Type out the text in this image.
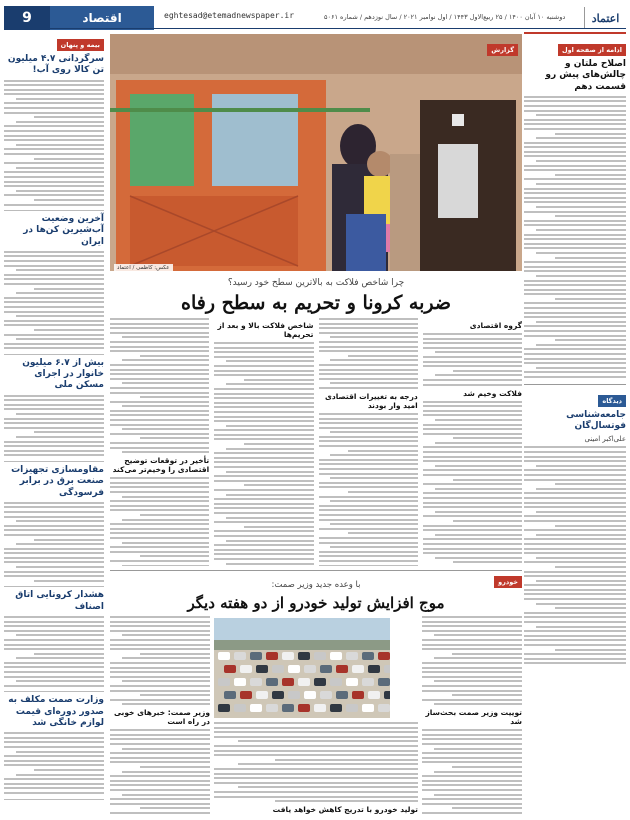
9	اقتصاد	eghtesad@etemadnewspaper.ir	دوشنبه ۱۰ آبان ۱۴۰۰ / ۲۵ ربیع‌الاول ۱۴۴۳ / اول نوامبر ۲۰۲۱ / سال نوزدهم / شماره ۵۰۶۱	اعتماد
ادامه از صفحه اول
اصلاح ملتان و چالش‌های پیش رو قسمت دهم
دیدگاه
جامعه‌شناسی فوتسال‌گان
علی‌اکبر امینی
بیمه و پنهان
سرگردانی ۴.۷ میلیون تن کالا روی آب!
آخرین وضعیت آب‌شیرین کن‌ها در ایران
بیش از ۶.۷ میلیون خانوار در اجرای مسکن ملی
مقاومسازی تجهیزات صنعت برق در برابر فرسودگی
هشدار کرونایی اتاق اصناف
وزارت صمت مکلف به صدور دوره‌ای قیمت لوازم خانگی شد
گزارش
عکس: کاظمی / اعتماد
چرا شاخص فلاکت به بالاترین سطح خود رسید؟
ضربه کرونا و تحریم به سطح رفاه
گروه اقتصادی
فلاکت وخیم شد
درجه به تغییرات اقتصادی امید وار بودند
شاخص فلاکت بالا و بعد از تحریم‌ها
تأخیر در توقعات توضیح اقتصادی را وخیم‌تر می‌کند
خودرو
با وعده جدید وزیر صمت:
موج افزایش تولید خودرو از دو هفته دیگر
توییت وزیر صمت بحث‌ساز شد
وزیر صمت: خبرهای خوبی در راه است
تولید خودرو با تدریج کاهش خواهد یافت
